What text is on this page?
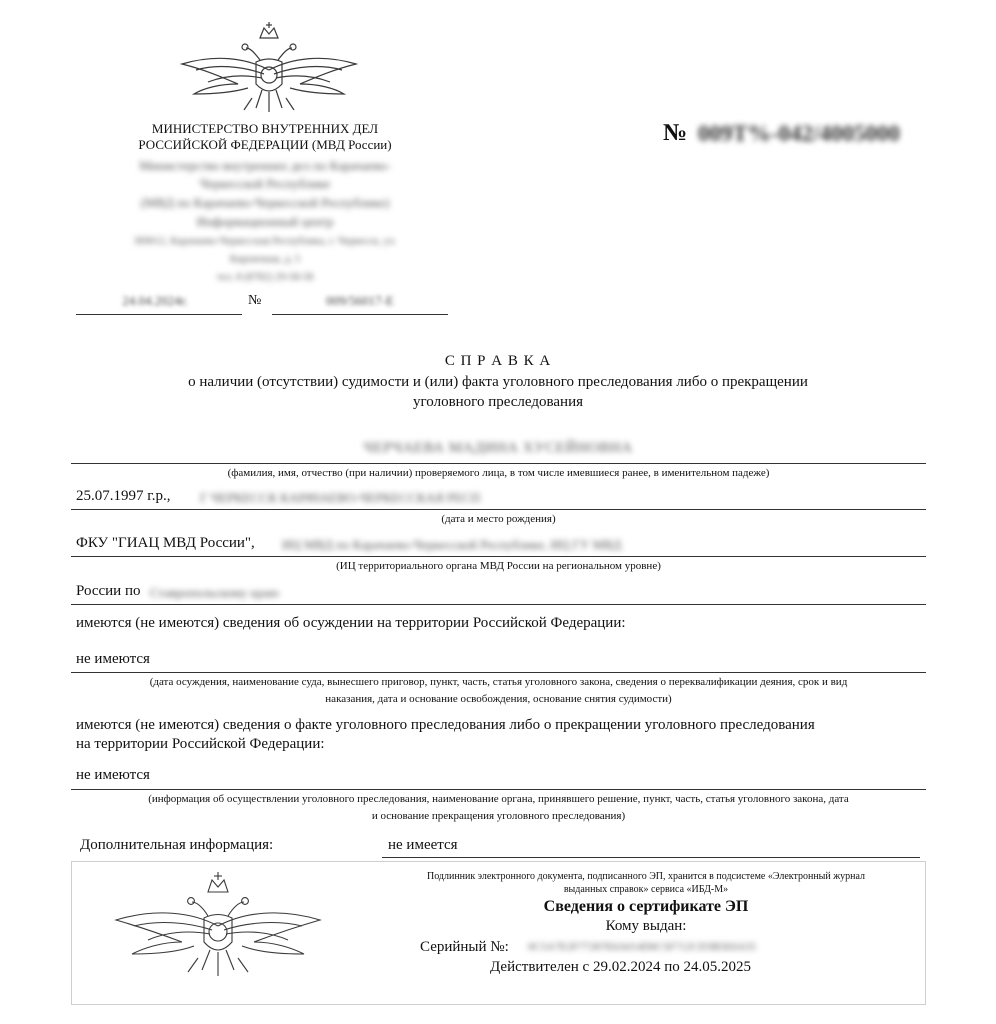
МИНИСТЕРСТВО ВНУТРЕННИХ ДЕЛ
РОССИЙСКОЙ ФЕДЕРАЦИИ (МВД России)
Министерство внутренних дел по Карачаево-
Черкесской Республике
(МВД по Карачаево-Черкесской Республике)
Информационный центр
369012, Карачаево-Черкесская Республика, г. Черкесск, ул.
Кирпичная, д. 5
тел. 8 (8782) 29-58-58
24.04.2024г.	№	009/56017-Е
№ 009Т%-042/4005000
С П Р А В К А
о наличии (отсутствии) судимости и (или) факта уголовного преследования либо о прекращении
уголовного преследования
ЧЕРЧАЕВА МАДИНА ХУСЕЙНОВНА
(фамилия, имя, отчество (при наличии) проверяемого лица, в том числе имевшиеся ранее, в именительном падеже)
25.07.1997 г.р., Г ЧЕРКЕССК КАРАЧАЕВО-ЧЕРКЕССКАЯ РЕСП
(дата и место рождения)
ФКУ "ГИАЦ МВД России", ИЦ МВД по Карачаево-Черкесской Республике, ИЦ ГУ МВД
(ИЦ территориального органа МВД России на региональном уровне)
России по Ставропольскому краю
имеются (не имеются) сведения об осуждении на территории Российской Федерации:
не имеются
(дата осуждения, наименование суда, вынесшего приговор, пункт, часть, статья уголовного закона, сведения о переквалификации деяния, срок и вид
наказания, дата и основание освобождения, основание снятия судимости)
имеются (не имеются) сведения о факте уголовного преследования либо о прекращении уголовного преследования
на территории Российской Федерации:
не имеются
(информация об осуществлении уголовного преследования, наименование органа, принявшего решение, пункт, часть, статья уголовного закона, дата
и основание прекращения уголовного преследования)
Дополнительная информация:	не имеется
Подлинник электронного документа, подписанного ЭП, хранится в подсистеме «Электронный журнал
выданных справок» сервиса «ИБД-М»
Сведения о сертификате ЭП
Кому выдан:
Серийный №: 0C5A7E2F77287E6A014D6C5F712CD3B5E6A55
Действителен с 29.02.2024 по 24.05.2025
